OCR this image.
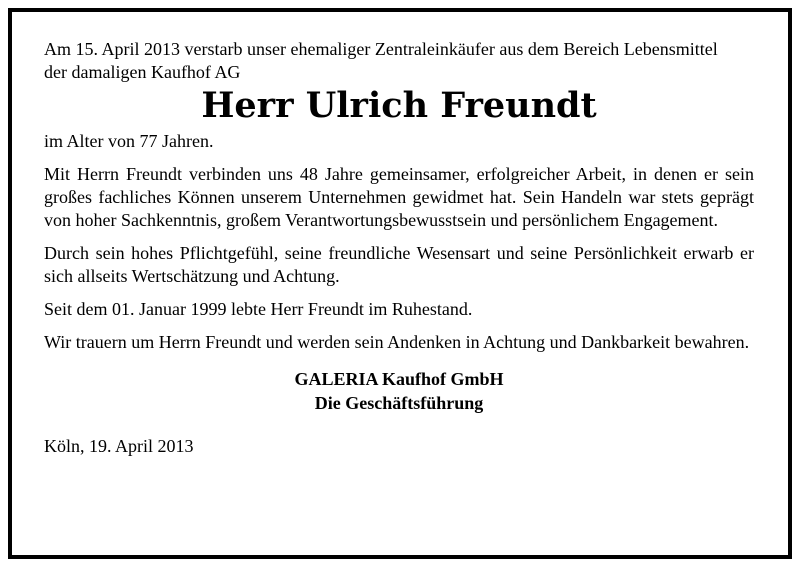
Am 15. April 2013 verstarb unser ehemaliger Zentraleinkäufer aus dem Bereich Lebensmittel
der damaligen Kaufhof AG

Herr Ulrich Freundt

im Alter von 77 Jahren.

Mit Herrn Freundt verbinden uns 48 Jahre gemeinsamer, erfolgreicher Arbeit, in denen er sein großes fachliches Können unserem Unternehmen gewidmet hat. Sein Handeln war stets geprägt von hoher Sachkenntnis, großem Verantwortungsbewusstsein und persönlichem Engagement.

Durch sein hohes Pflichtgefühl, seine freundliche Wesensart und seine Persönlichkeit erwarb er sich allseits Wertschätzung und Achtung.

Seit dem 01. Januar 1999 lebte Herr Freundt im Ruhestand.

Wir trauern um Herrn Freundt und werden sein Andenken in Achtung und Dankbarkeit bewahren.

GALERIA Kaufhof GmbH
Die Geschäftsführung

Köln, 19. April 2013
